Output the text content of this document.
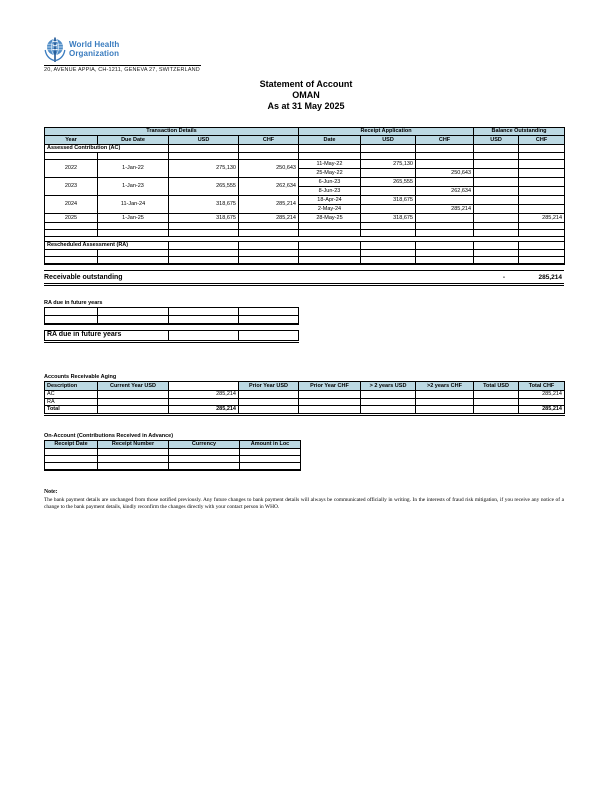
World Health
Organization
20, AVENUE APPIA, CH-1211, GENEVA 27, SWITZERLAND
Statement of Account
OMAN
As at 31 May 2025
Transaction Details				Receipt Application			Balance Outstanding	
Year	Due Date	USD	CHF	Date	USD	CHF	USD	CHF
Assessed Contribution (AC)								

2022	1-Jan-22	275,130	250,643	11-May-22	275,130			
				25-May-22		250,643		
2023	1-Jan-23	265,555	262,634	6-Jun-23	265,555			
				8-Jun-23		262,634		
2024	11-Jan-24	318,675	285,214	18-Apr-24	318,675			
				2-May-24		285,214		
2025	1-Jan-25	318,675	285,214	28-May-25	318,675			285,214

Rescheduled Assessment (RA)								

Receivable outstanding	-	285,214
RA due in future years

RA due in future years		
Accounts Receivable Aging
Description	Current Year USD		Prior Year USD	Prior Year CHF	> 2 years USD	>2 years CHF	Total USD	Total CHF
AC		285,214						285,214
RA								
Total		285,214						285,214
On-Account (Contributions Received in Advance)
Receipt Date	Receipt Number	Currency	Amount in Loc

Note:
The bank payment details are unchanged from those notified previously. Any future changes to bank payment details will always be communicated officially in writing. In the interests of fraud risk mitigation, if you receive any notice of a change to the bank payment details, kindly reconfirm the changes directly with your contact person in WHO.
